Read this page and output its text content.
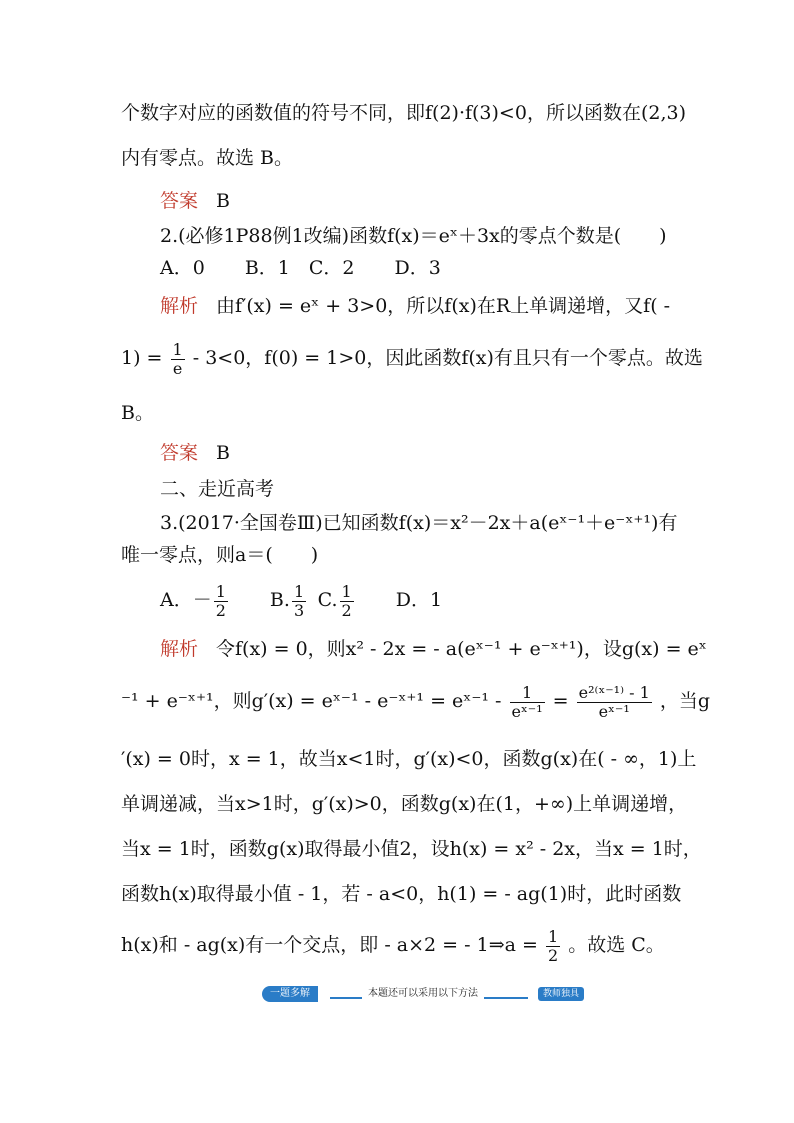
个数字对应的函数值的符号不同，即f(2)·f(3)<0，所以函数在(2,3)
内有零点。故选 B。
答案 B
2.(必修1P88例1改编)函数f(x)＝eˣ＋3x的零点个数是(　　)
A．0 B．1  C．2 D．3
解析 由f′(x) = eˣ + 3>0，所以f(x)在R上单调递增，又f( -
$1) = \frac{1}{e} - 3<0$，f(0) = 1>0，因此函数f(x)有且只有一个零点。故选
B。
答案 B
二、走近高考
3.(2017·全国卷Ⅲ)已知函数f(x)＝x²－2x＋a(eˣ⁻¹＋e⁻ˣ⁺¹)有
唯一零点，则a＝(　　)
A．－ $\frac{1}{2} B$. $\frac{1}{3}$
  C. $\frac{1}{2}$ D．1
解析 令f(x) = 0，则x² - 2x = - a(eˣ⁻¹ + e⁻ˣ⁺¹)，设g(x) = eˣ
⁻¹ + e⁻ˣ⁺¹，则g′(x) = eˣ⁻¹ - e⁻ˣ⁺¹ = eˣ⁻¹ - $\frac{1}{\text{eˣ⁻¹}} = \frac{\text{e²⁽ˣ⁻¹⁾ - 1}}{\text{eˣ⁻¹}}$ ，当g
′(x) = 0时，x = 1，故当x<1时，g′(x)<0，函数g(x)在( - ∞，1)上
单调递减，当x>1时，g′(x)>0，函数g(x)在(1，+∞)上单调递增，
当x = 1时，函数g(x)取得最小值2，设h(x) = x² - 2x，当x = 1时，
函数h(x)取得最小值 - 1，若 - a<0，h(1) = - ag(1)时，此时函数
h(x)和 - ag(x)有一个交点，即 - a×2 = - 1⇒a = $\frac{1}{2}$ 。故选 C。
一题多解	本题还可以采用以下方法	教师独具
